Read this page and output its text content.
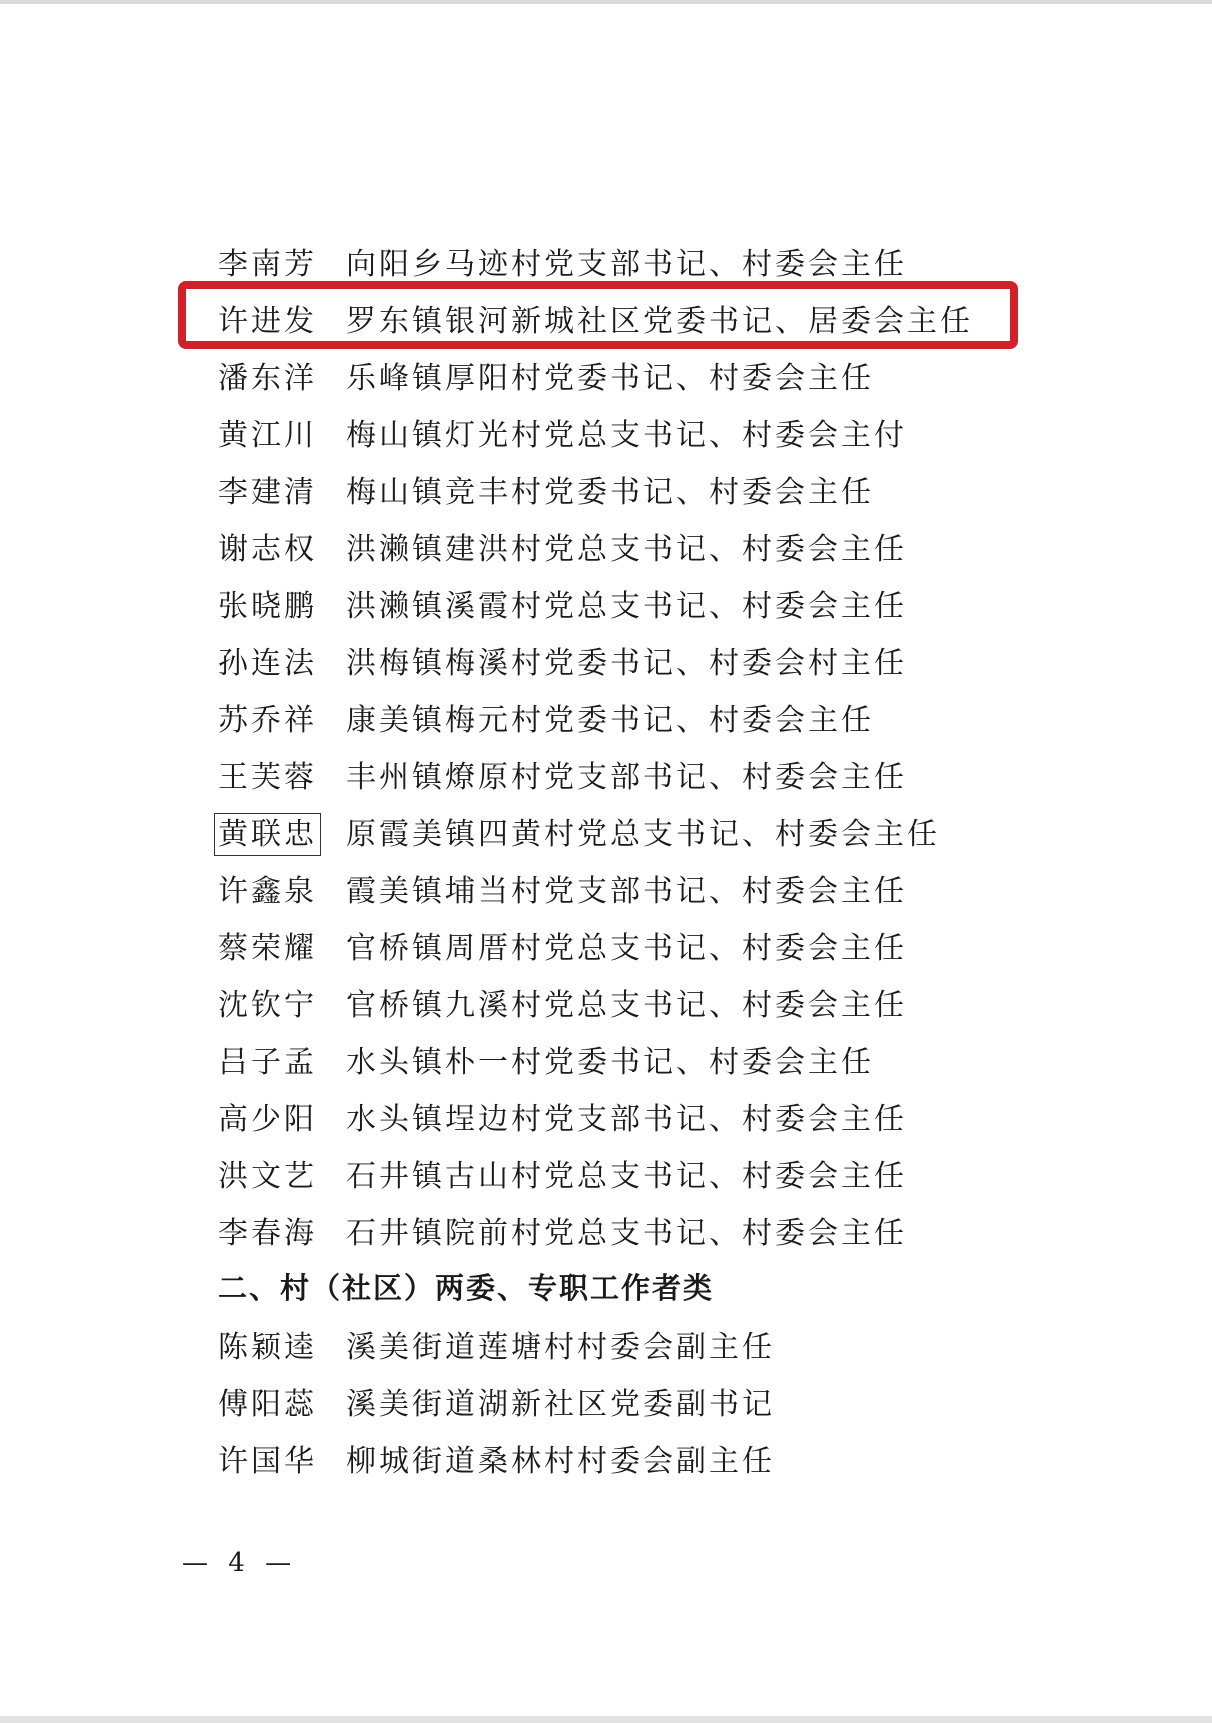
李南芳 向阳乡马迹村党支部书记、村委会主任
许进发 罗东镇银河新城社区党委书记、居委会主任
潘东洋 乐峰镇厚阳村党委书记、村委会主任
黄江川 梅山镇灯光村党总支书记、村委会主付
李建清 梅山镇竞丰村党委书记、村委会主任
谢志权 洪濑镇建洪村党总支书记、村委会主任
张晓鹏 洪濑镇溪霞村党总支书记、村委会主任
孙连法 洪梅镇梅溪村党委书记、村委会村主任
苏乔祥 康美镇梅元村党委书记、村委会主任
王芙蓉 丰州镇燎原村党支部书记、村委会主任
黄联忠 原霞美镇四黄村党总支书记、村委会主任
许鑫泉 霞美镇埔当村党支部书记、村委会主任
蔡荣耀 官桥镇周厝村党总支书记、村委会主任
沈钦宁 官桥镇九溪村党总支书记、村委会主任
吕子孟 水头镇朴一村党委书记、村委会主任
高少阳 水头镇埕边村党支部书记、村委会主任
洪文艺 石井镇古山村党总支书记、村委会主任
李春海 石井镇院前村党总支书记、村委会主任
二、村（社区）两委、专职工作者类
陈颖逵 溪美街道莲塘村村委会副主任
傅阳蕊 溪美街道湖新社区党委副书记
许国华 柳城街道桑林村村委会副主任
— 4 —
